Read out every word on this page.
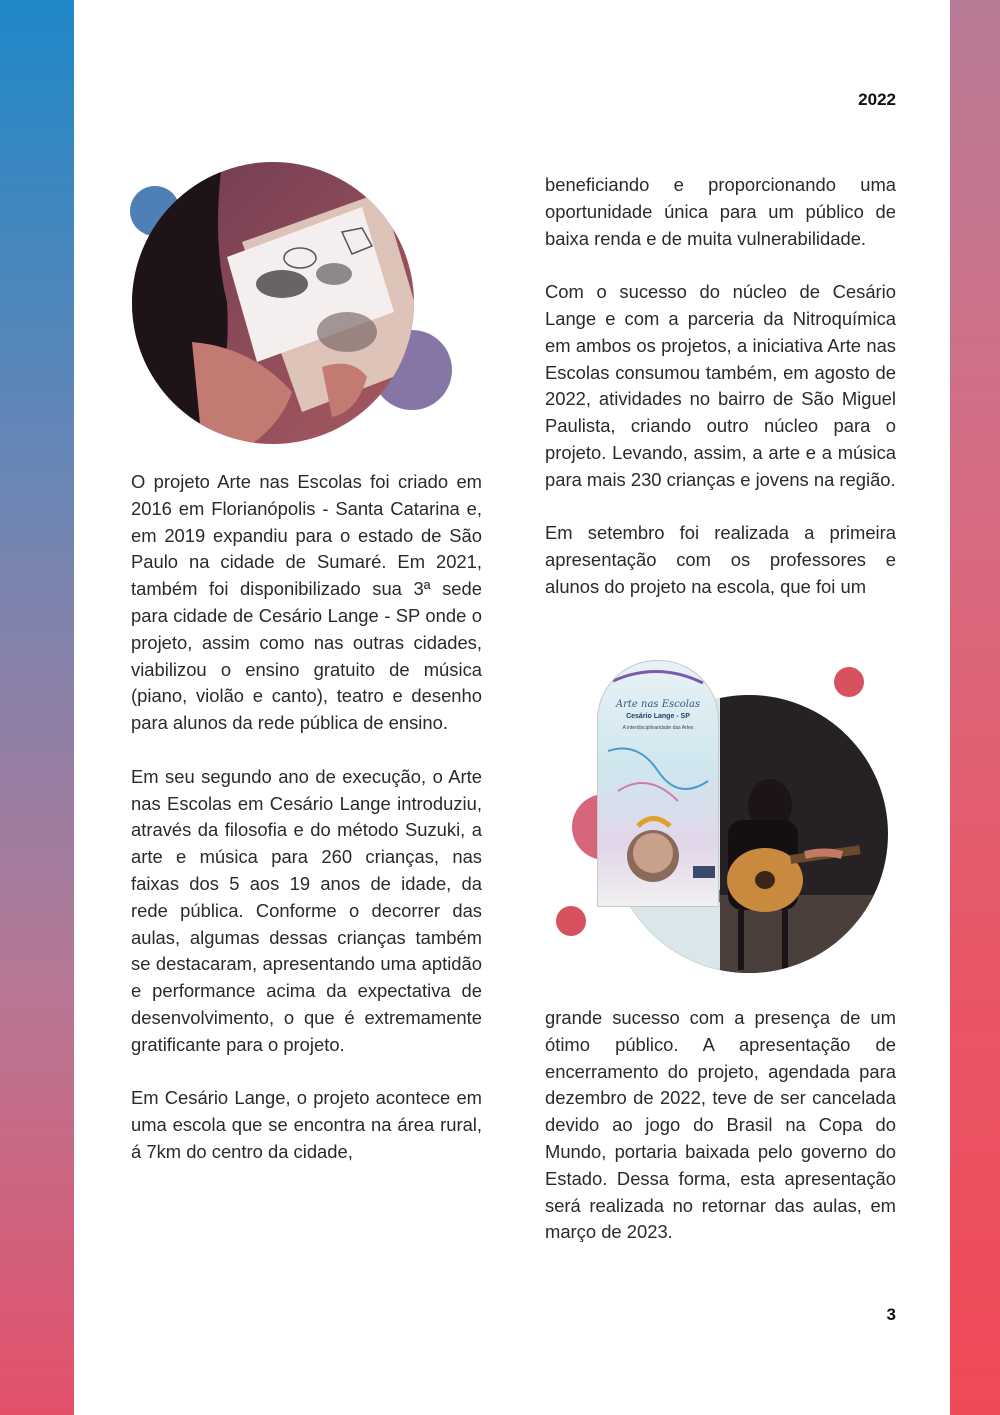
2022

O projeto Arte nas Escolas foi criado em 2016 em Florianópolis - Santa Catarina e, em 2019 expandiu para o estado de São Paulo na cidade de Sumaré. Em 2021, também foi disponibilizado sua 3ª sede para cidade de Cesário Lange - SP onde o projeto, assim como nas outras cidades, viabilizou o ensino gratuito de música (piano, violão e canto), teatro e desenho para alunos da rede pública de ensino.

Em seu segundo ano de execução, o Arte nas Escolas em Cesário Lange introduziu, através da filosofia e do método Suzuki, a arte e música para 260 crianças, nas faixas dos 5 aos 19 anos de idade, da rede pública. Conforme o decorrer das aulas, algumas dessas crianças também se destacaram, apresentando uma aptidão e performance acima da expectativa de desenvolvimento, o que é extremamente gratificante para o projeto.

Em Cesário Lange, o projeto acontece em uma escola que se encontra na área rural, á 7km do centro da cidade,

beneficiando e proporcionando uma oportunidade única para um público de baixa renda e de muita vulnerabilidade.

Com o sucesso do núcleo de Cesário Lange e com a parceria da Nitroquímica em ambos os projetos, a iniciativa Arte nas Escolas consumou também, em agosto de 2022, atividades no bairro de São Miguel Paulista, criando outro núcleo para o projeto. Levando, assim, a arte e a música para mais 230 crianças e jovens na região.

Em setembro foi realizada a primeira apresentação com os professores e alunos do projeto na escola, que foi um

Arte nas Escolas
Cesário Lange - SP
A interdisciplinaridade das Artes

grande sucesso com a presença de um ótimo público. A apresentação de encerramento do projeto, agendada para dezembro de 2022, teve de ser cancelada devido ao jogo do Brasil na Copa do Mundo, portaria baixada pelo governo do Estado. Dessa forma, esta apresentação será realizada no retornar das aulas, em março de 2023.

3
